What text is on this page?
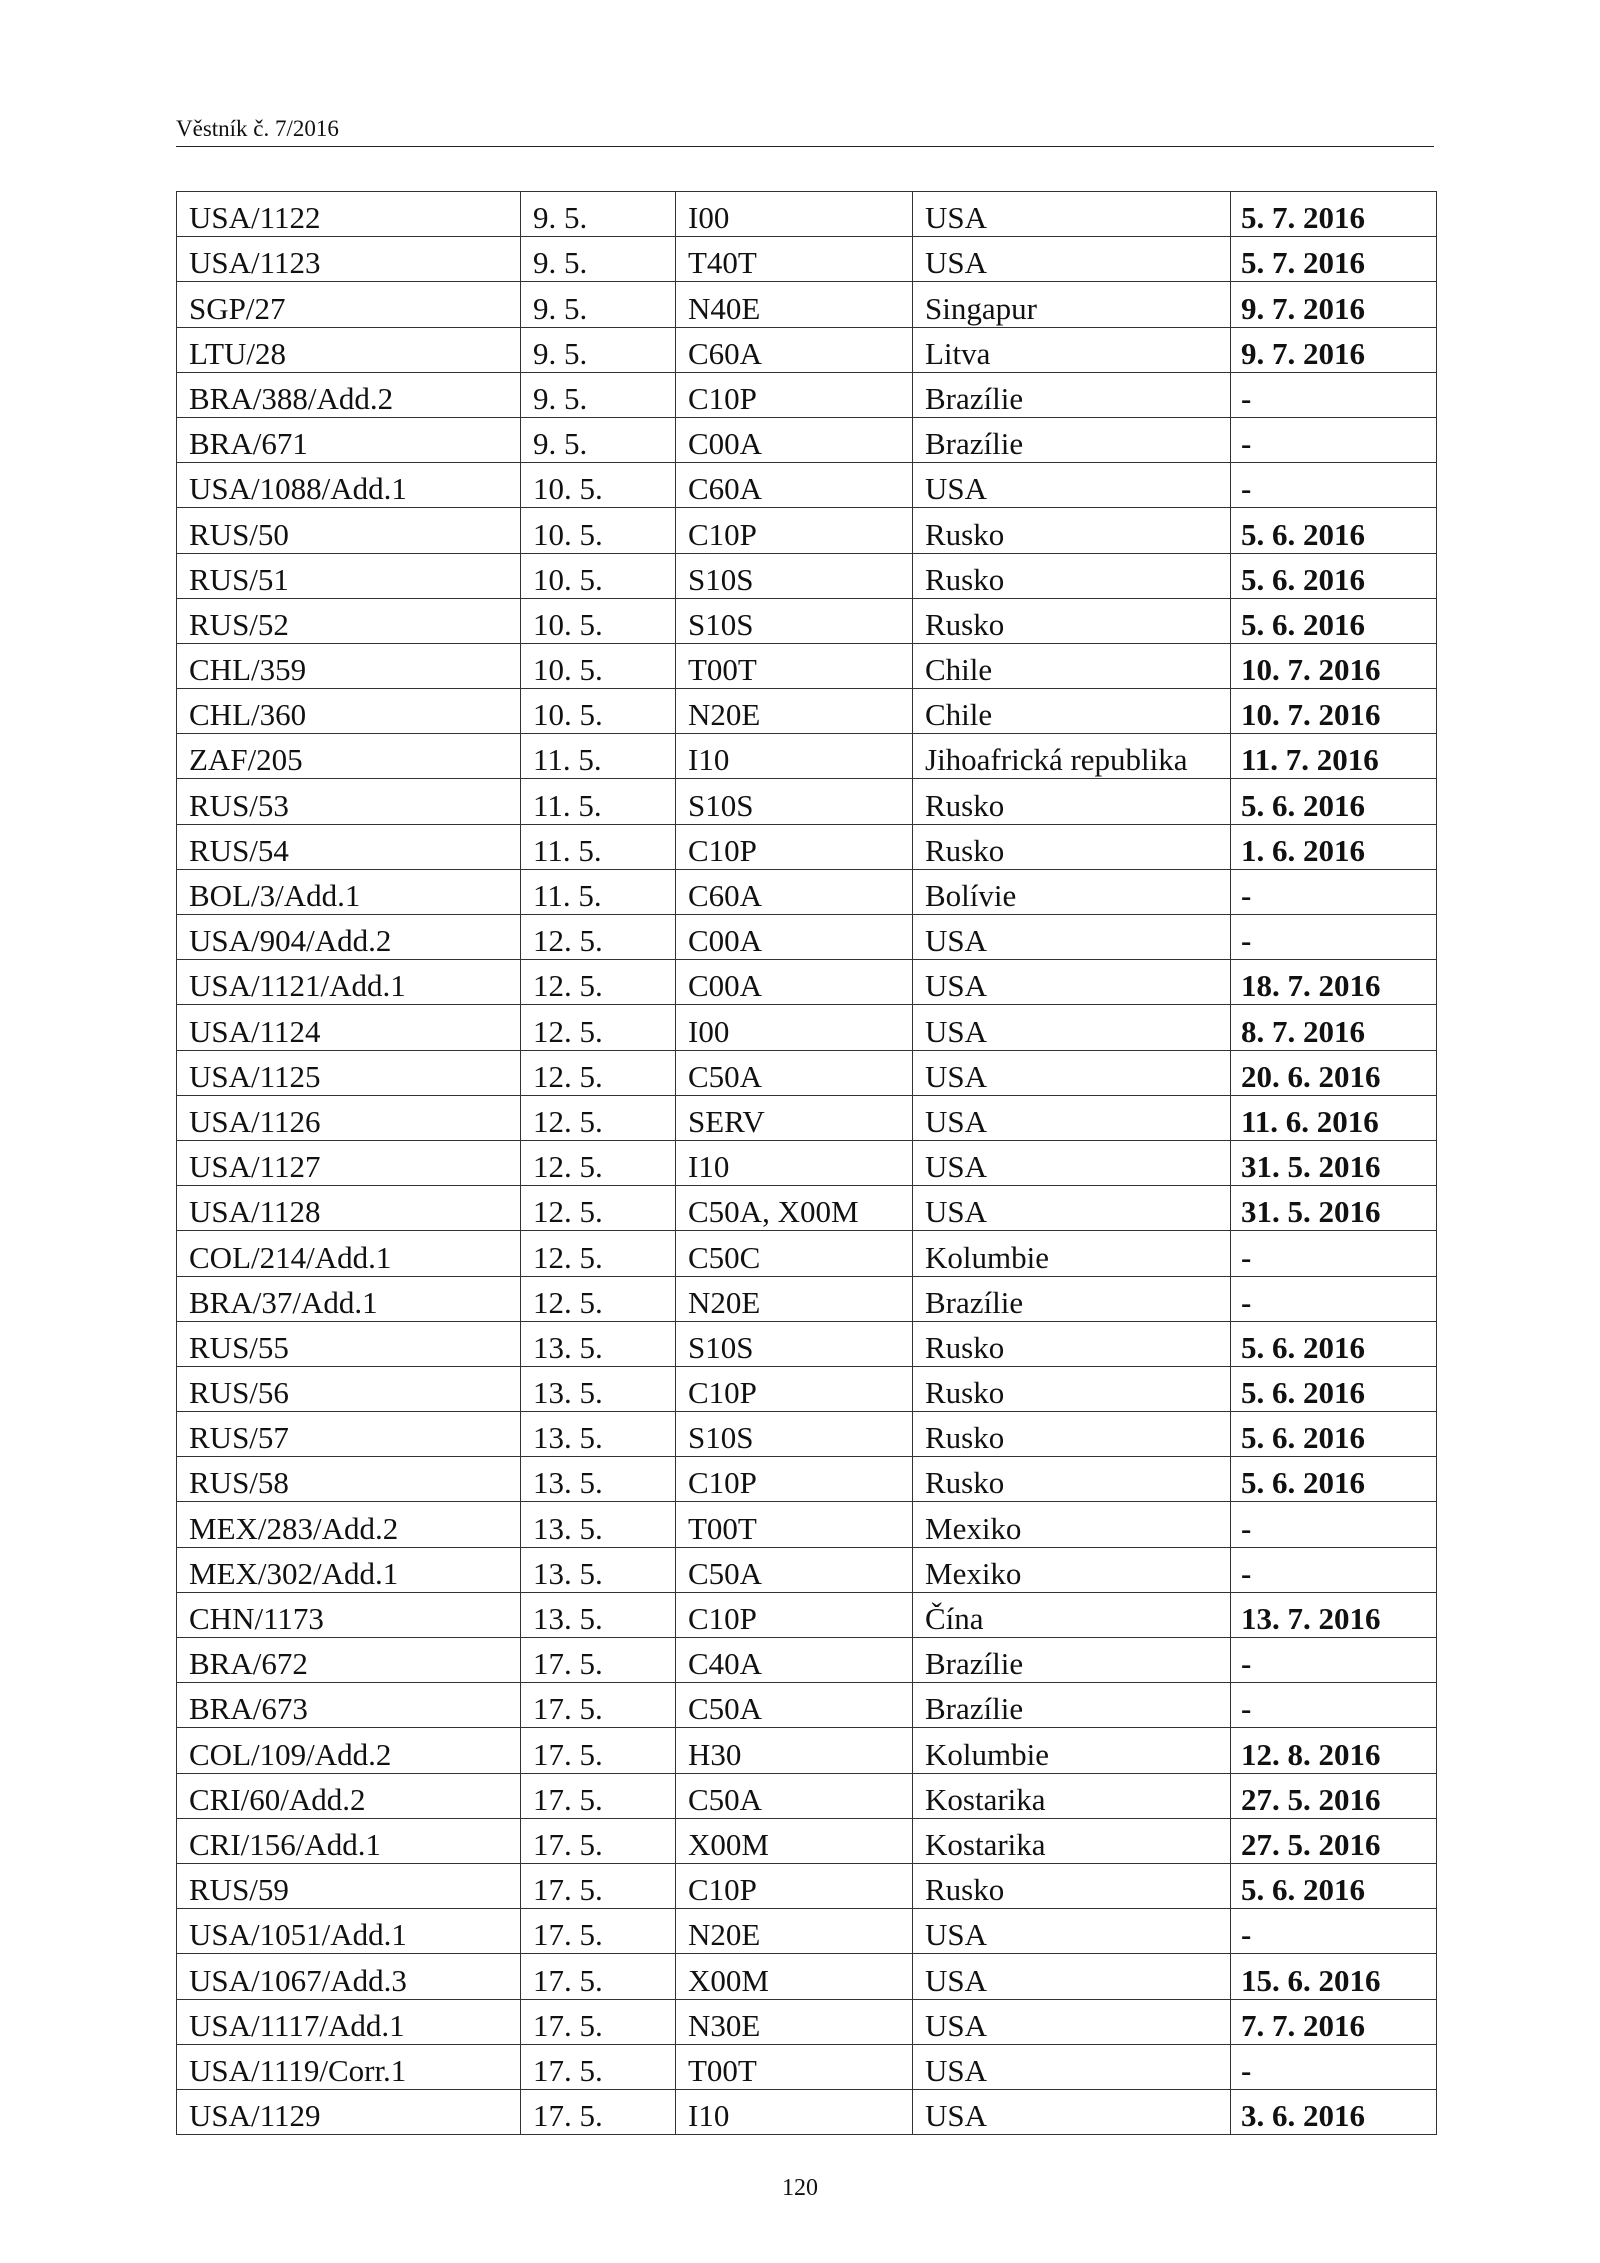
Věstník č. 7/2016
USA/1122	9. 5.	I00	USA	5. 7. 2016
USA/1123	9. 5.	T40T	USA	5. 7. 2016
SGP/27	9. 5.	N40E	Singapur	9. 7. 2016
LTU/28	9. 5.	C60A	Litva	9. 7. 2016
BRA/388/Add.2	9. 5.	C10P	Brazílie	-
BRA/671	9. 5.	C00A	Brazílie	-
USA/1088/Add.1	10. 5.	C60A	USA	-
RUS/50	10. 5.	C10P	Rusko	5. 6. 2016
RUS/51	10. 5.	S10S	Rusko	5. 6. 2016
RUS/52	10. 5.	S10S	Rusko	5. 6. 2016
CHL/359	10. 5.	T00T	Chile	10. 7. 2016
CHL/360	10. 5.	N20E	Chile	10. 7. 2016
ZAF/205	11. 5.	I10	Jihoafrická republika	11. 7. 2016
RUS/53	11. 5.	S10S	Rusko	5. 6. 2016
RUS/54	11. 5.	C10P	Rusko	1. 6. 2016
BOL/3/Add.1	11. 5.	C60A	Bolívie	-
USA/904/Add.2	12. 5.	C00A	USA	-
USA/1121/Add.1	12. 5.	C00A	USA	18. 7. 2016
USA/1124	12. 5.	I00	USA	8. 7. 2016
USA/1125	12. 5.	C50A	USA	20. 6. 2016
USA/1126	12. 5.	SERV	USA	11. 6. 2016
USA/1127	12. 5.	I10	USA	31. 5. 2016
USA/1128	12. 5.	C50A, X00M	USA	31. 5. 2016
COL/214/Add.1	12. 5.	C50C	Kolumbie	-
BRA/37/Add.1	12. 5.	N20E	Brazílie	-
RUS/55	13. 5.	S10S	Rusko	5. 6. 2016
RUS/56	13. 5.	C10P	Rusko	5. 6. 2016
RUS/57	13. 5.	S10S	Rusko	5. 6. 2016
RUS/58	13. 5.	C10P	Rusko	5. 6. 2016
MEX/283/Add.2	13. 5.	T00T	Mexiko	-
MEX/302/Add.1	13. 5.	C50A	Mexiko	-
CHN/1173	13. 5.	C10P	Čína	13. 7. 2016
BRA/672	17. 5.	C40A	Brazílie	-
BRA/673	17. 5.	C50A	Brazílie	-
COL/109/Add.2	17. 5.	H30	Kolumbie	12. 8. 2016
CRI/60/Add.2	17. 5.	C50A	Kostarika	27. 5. 2016
CRI/156/Add.1	17. 5.	X00M	Kostarika	27. 5. 2016
RUS/59	17. 5.	C10P	Rusko	5. 6. 2016
USA/1051/Add.1	17. 5.	N20E	USA	-
USA/1067/Add.3	17. 5.	X00M	USA	15. 6. 2016
USA/1117/Add.1	17. 5.	N30E	USA	7. 7. 2016
USA/1119/Corr.1	17. 5.	T00T	USA	-
USA/1129	17. 5.	I10	USA	3. 6. 2016
120
